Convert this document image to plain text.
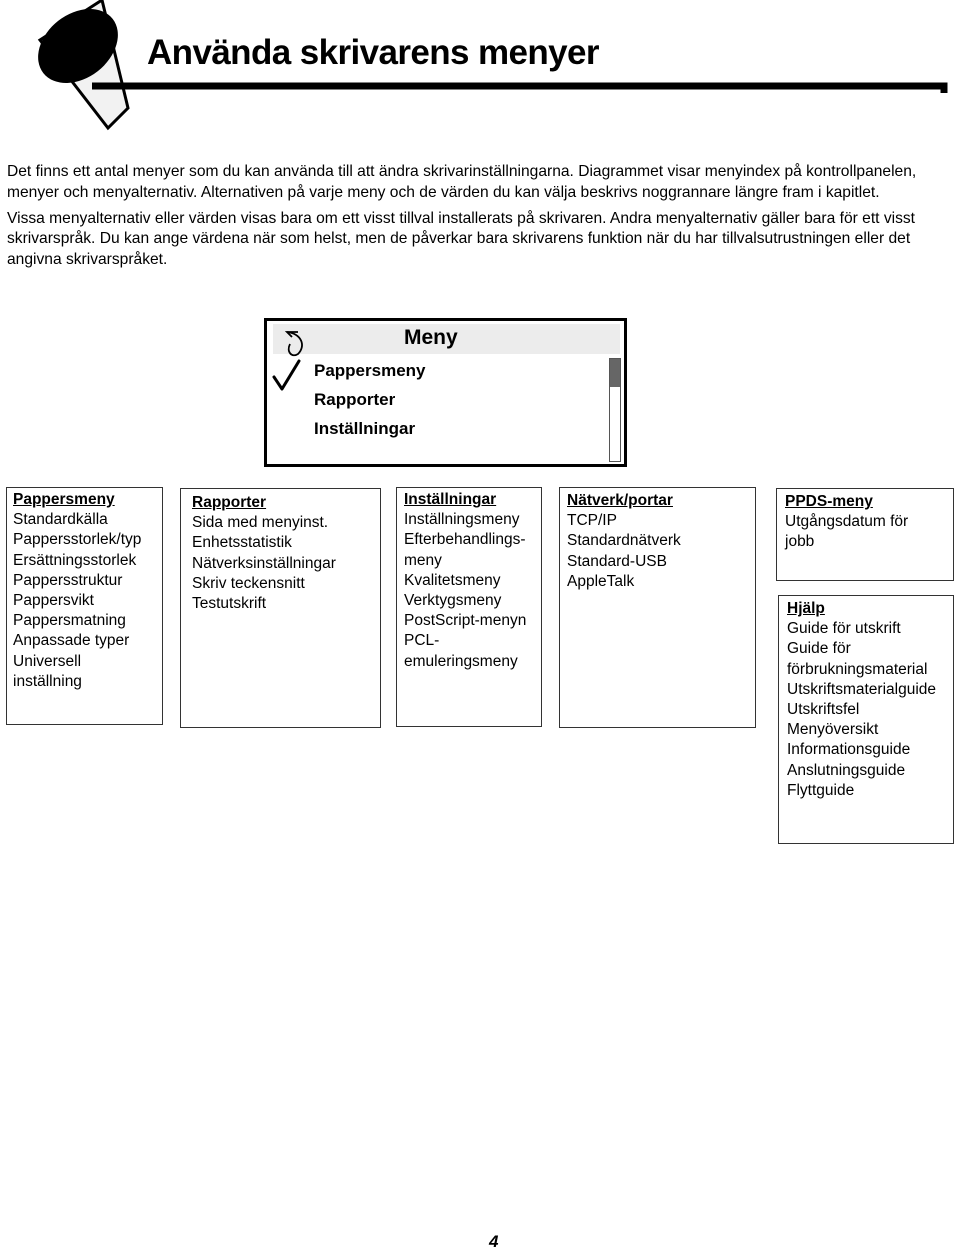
Använda skrivarens menyer

Det finns ett antal menyer som du kan använda till att ändra skrivarinställningarna. Diagrammet visar menyindex på kontrollpanelen, menyer och menyalternativ. Alternativen på varje meny och de värden du kan välja beskrivs noggrannare längre fram i kapitlet.

Vissa menyalternativ eller värden visas bara om ett visst tillval installerats på skrivaren. Andra menyalternativ gäller bara för ett visst skrivarspråk. Du kan ange värdena när som helst, men de påverkar bara skrivarens funktion när du har tillvalsutrustningen eller det angivna skrivarspråket.

Meny
Pappersmeny
Rapporter
Inställningar
Pappersmeny
Standardkälla
Pappersstorlek/typ
Ersättningsstorlek
Pappersstruktur
Pappersvikt
Pappersmatning
Anpassade typer
Universell
inställning
Rapporter
Sida med menyinst.
Enhetsstatistik
Nätverksinställningar
Skriv teckensnitt
Testutskrift
Inställningar
Inställningsmeny
Efterbehandlings-
meny
Kvalitetsmeny
Verktygsmeny
PostScript-menyn
PCL-
emuleringsmeny
Nätverk/portar
TCP/IP
Standardnätverk
Standard-USB
AppleTalk
PPDS-meny
Utgångsdatum för
jobb
Hjälp
Guide för utskrift
Guide för
förbrukningsmaterial
Utskriftsmaterialguide
Utskriftsfel
Menyöversikt
Informationsguide
Anslutningsguide
Flyttguide
4
